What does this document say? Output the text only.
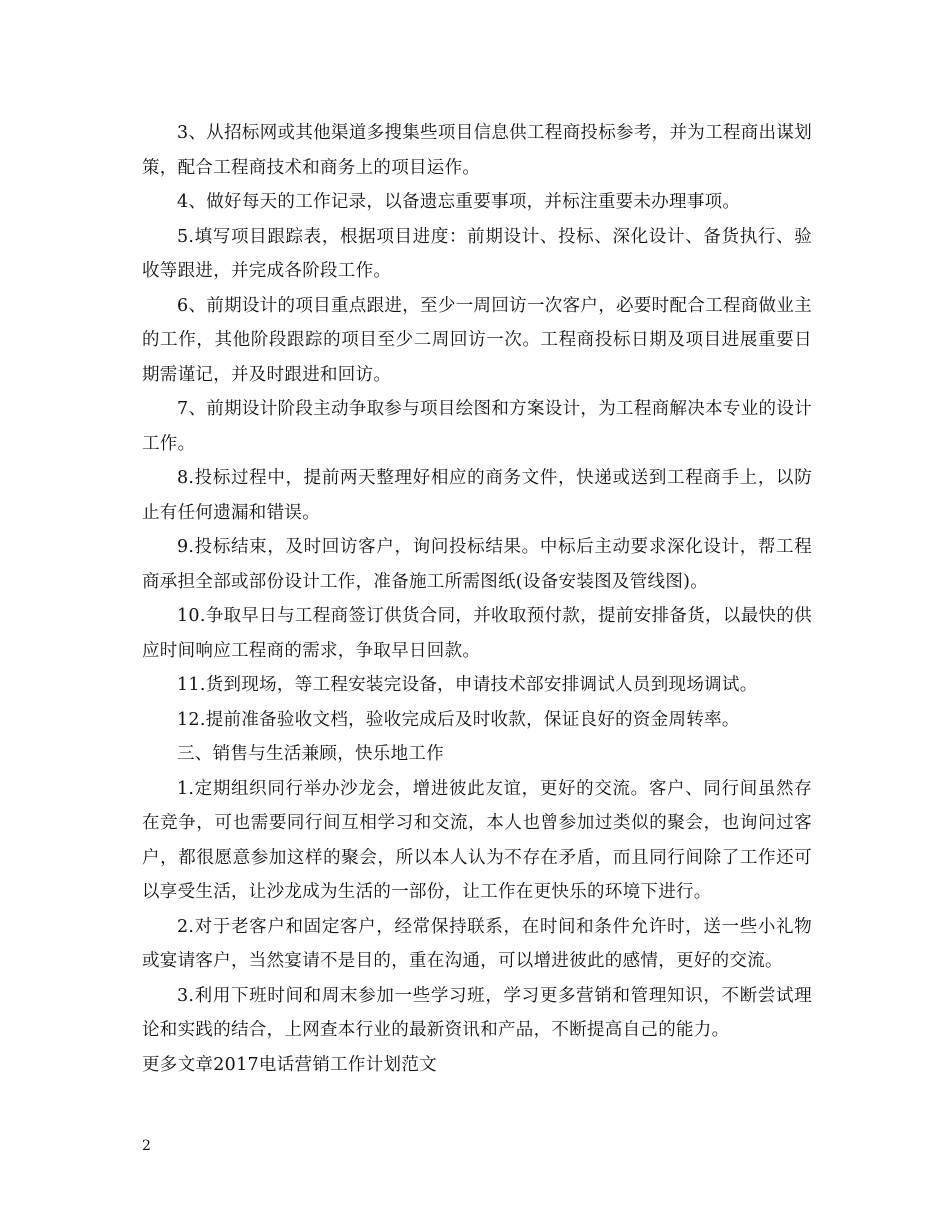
3、从招标网或其他渠道多搜集些项目信息供工程商投标参考，并为工程商出谋划策，配合工程商技术和商务上的项目运作。

4、做好每天的工作记录，以备遗忘重要事项，并标注重要未办理事项。

5.填写项目跟踪表，根据项目进度：前期设计、投标、深化设计、备货执行、验收等跟进，并完成各阶段工作。

6、前期设计的项目重点跟进，至少一周回访一次客户，必要时配合工程商做业主的工作，其他阶段跟踪的项目至少二周回访一次。工程商投标日期及项目进展重要日期需谨记，并及时跟进和回访。

7、前期设计阶段主动争取参与项目绘图和方案设计，为工程商解决本专业的设计工作。

8.投标过程中，提前两天整理好相应的商务文件，快递或送到工程商手上，以防止有任何遗漏和错误。

9.投标结束，及时回访客户，询问投标结果。中标后主动要求深化设计，帮工程商承担全部或部份设计工作，准备施工所需图纸(设备安装图及管线图)。

10.争取早日与工程商签订供货合同，并收取预付款，提前安排备货，以最快的供应时间响应工程商的需求，争取早日回款。

11.货到现场，等工程安装完设备，申请技术部安排调试人员到现场调试。

12.提前准备验收文档，验收完成后及时收款，保证良好的资金周转率。

三、销售与生活兼顾，快乐地工作

1.定期组织同行举办沙龙会，增进彼此友谊，更好的交流。客户、同行间虽然存在竞争，可也需要同行间互相学习和交流，本人也曾参加过类似的聚会，也询问过客户，都很愿意参加这样的聚会，所以本人认为不存在矛盾，而且同行间除了工作还可以享受生活，让沙龙成为生活的一部份，让工作在更快乐的环境下进行。

2.对于老客户和固定客户，经常保持联系，在时间和条件允许时，送一些小礼物或宴请客户，当然宴请不是目的，重在沟通，可以增进彼此的感情，更好的交流。

3.利用下班时间和周末参加一些学习班，学习更多营销和管理知识，不断尝试理论和实践的结合，上网查本行业的最新资讯和产品，不断提高自己的能力。

更多文章2017电话营销工作计划范文

2
